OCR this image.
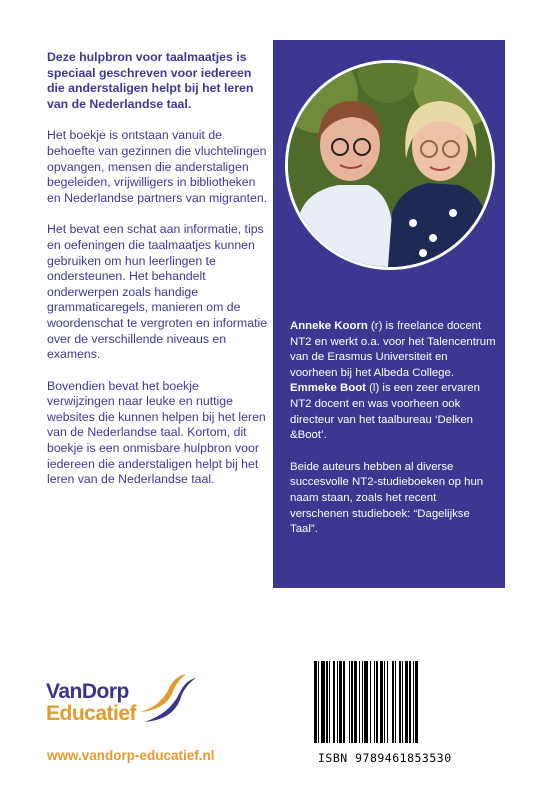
Deze hulpbron voor taalmaatjes is speciaal geschreven voor iedereen die anderstaligen helpt bij het leren van de Nederlandse taal.

Het boekje is ontstaan vanuit de behoefte van gezinnen die vluchtelingen opvangen, mensen die anderstaligen begeleiden, vrijwilligers in bibliotheken en Nederlandse partners van migranten.

Het bevat een schat aan informatie, tips en oefeningen die taalmaatjes kunnen gebruiken om hun leerlingen te ondersteunen. Het behandelt onderwerpen zoals handige grammaticaregels, manieren om de woordenschat te vergroten en informatie over de verschillende niveaus en examens.

Bovendien bevat het boekje verwijzingen naar leuke en nuttige websites die kunnen helpen bij het leren van de Nederlandse taal. Kortom, dit boekje is een onmisbare hulpbron voor iedereen die anderstaligen helpt bij het leren van de Nederlandse taal.

Anneke Koorn (r) is freelance docent NT2 en werkt o.a. voor het Talencentrum van de Erasmus Universiteit en voorheen bij het Albeda College.

Emmeke Boot (l) is een zeer ervaren NT2 docent en was voorheen ook directeur van het taalbureau ‘Delken &Boot’.

Beide auteurs hebben al diverse succesvolle NT2-studieboeken op hun naam staan, zoals het recent verschenen studieboek: “Dagelijkse Taal”.

VanDorp
Educatief
www.vandorp-educatief.nl	ISBN 9789461853530
